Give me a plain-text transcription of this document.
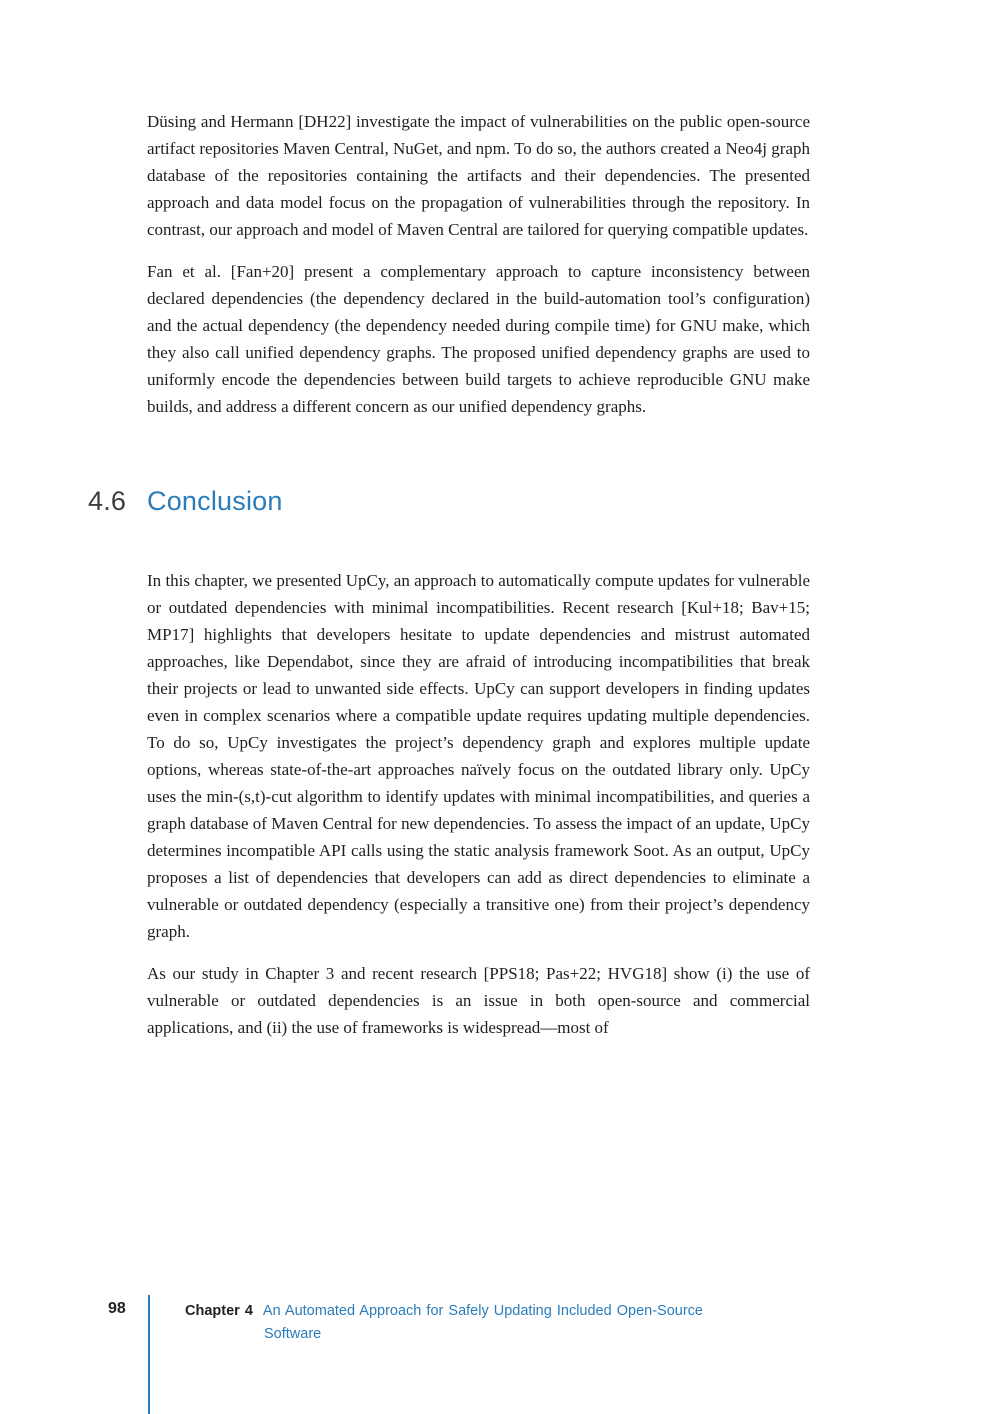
Düsing and Hermann [DH22] investigate the impact of vulnerabilities on the public open-source artifact repositories Maven Central, NuGet, and npm. To do so, the authors created a Neo4j graph database of the repositories containing the artifacts and their dependencies. The presented approach and data model focus on the propagation of vulnerabilities through the repository. In contrast, our approach and model of Maven Central are tailored for querying compatible updates.

Fan et al. [Fan+20] present a complementary approach to capture inconsistency between declared dependencies (the dependency declared in the build-automation tool’s configuration) and the actual dependency (the dependency needed during compile time) for GNU make, which they also call unified dependency graphs. The proposed unified dependency graphs are used to uniformly encode the dependencies between build targets to achieve reproducible GNU make builds, and address a different concern as our unified dependency graphs.

4.6 Conclusion

In this chapter, we presented UpCy, an approach to automatically compute updates for vulnerable or outdated dependencies with minimal incompatibilities. Recent research [Kul+18; Bav+15; MP17] highlights that developers hesitate to update dependencies and mistrust automated approaches, like Dependabot, since they are afraid of introducing incompatibilities that break their projects or lead to unwanted side effects. UpCy can support developers in finding updates even in complex scenarios where a compatible update requires updating multiple dependencies. To do so, UpCy investigates the project’s dependency graph and explores multiple update options, whereas state-of-the-art approaches naïvely focus on the outdated library only. UpCy uses the min-(s,t)-cut algorithm to identify updates with minimal incompatibilities, and queries a graph database of Maven Central for new dependencies. To assess the impact of an update, UpCy determines incompatible API calls using the static analysis framework Soot. As an output, UpCy proposes a list of dependencies that developers can add as direct dependencies to eliminate a vulnerable or outdated dependency (especially a transitive one) from their project’s dependency graph.

As our study in Chapter 3 and recent research [PPS18; Pas+22; HVG18] show (i) the use of vulnerable or outdated dependencies is an issue in both open-source and commercial applications, and (ii) the use of frameworks is widespread—most of

98	Chapter 4 An Automated Approach for Safely Updating Included Open-Source Software
